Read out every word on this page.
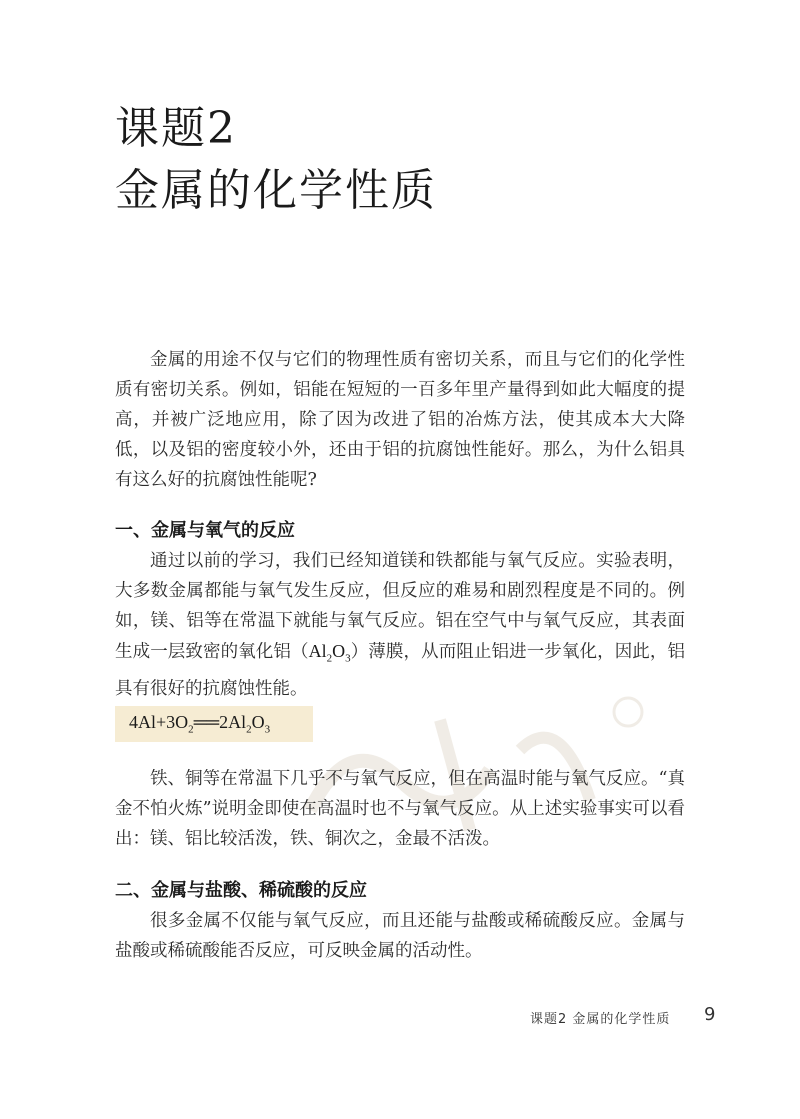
课题2
金属的化学性质
金属的用途不仅与它们的物理性质有密切关系，而且与它们的化学性质有密切关系。例如，铝能在短短的一百多年里产量得到如此大幅度的提高，并被广泛地应用，除了因为改进了铝的冶炼方法，使其成本大大降低，以及铝的密度较小外，还由于铝的抗腐蚀性能好。那么，为什么铝具有这么好的抗腐蚀性能呢?
一、金属与氧气的反应
通过以前的学习，我们已经知道镁和铁都能与氧气反应。实验表明，大多数金属都能与氧气发生反应，但反应的难易和剧烈程度是不同的。例如，镁、铝等在常温下就能与氧气反应。铝在空气中与氧气反应，其表面生成一层致密的氧化铝$(Al_2O_3)$薄膜，从而阻止铝进一步氧化，因此，铝具有很好的抗腐蚀性能。
$4Al+3O_2══2Al_2O_3$
铁、铜等在常温下几乎不与氧气反应，但在高温时能与氧气反应。“真金不怕火炼”说明金即使在高温时也不与氧气反应。从上述实验事实可以看出：镁、铝比较活泼，铁、铜次之，金最不活泼。
二、金属与盐酸、稀硫酸的反应
很多金属不仅能与氧气反应，而且还能与盐酸或稀硫酸反应。金属与盐酸或稀硫酸能否反应，可反映金属的活动性。
课题2 金属的化学性质 9
